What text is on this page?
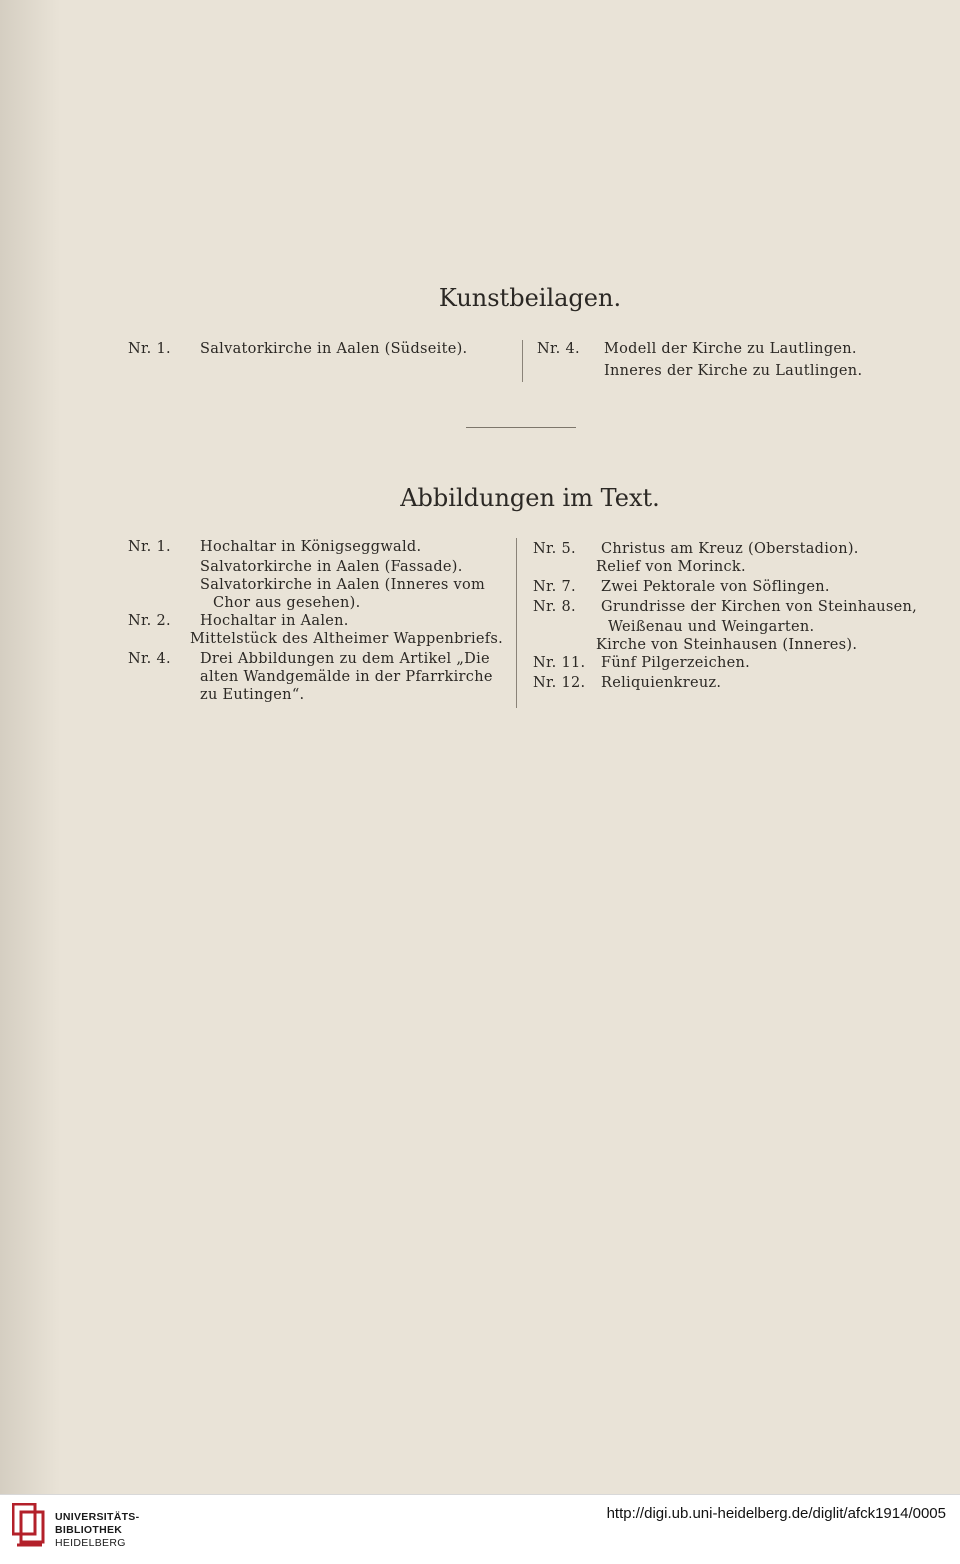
Kunstbeilagen.
Nr. 1. Salvatorkirche in Aalen (Südseite).	Nr. 4. Modell der Kirche zu Lautlingen.
Inneres der Kirche zu Lautlingen.
Abbildungen im Text.
Nr. 1. Hochaltar in Königseggwald.
Salvatorkirche in Aalen (Fassade).
Salvatorkirche in Aalen (Inneres vom
Chor aus gesehen).
Nr. 2. Hochaltar in Aalen.
Mittelstück des Altheimer Wappenbriefs.
Nr. 4. Drei Abbildungen zu dem Artikel „Die
alten Wandgemälde in der Pfarrkirche
zu Eutingen“.
Nr. 5. Christus am Kreuz (Oberstadion).
Relief von Morinck.
Nr. 7. Zwei Pektorale von Söflingen.
Nr. 8. Grundrisse der Kirchen von Steinhausen,
Weißenau und Weingarten.
Kirche von Steinhausen (Inneres).
Nr. 11. Fünf Pilgerzeichen.
Nr. 12. Reliquienkreuz.
UNIVERSITÄTS-
BIBLIOTHEK
HEIDELBERG
http://digi.ub.uni-heidelberg.de/diglit/afck1914/0005
